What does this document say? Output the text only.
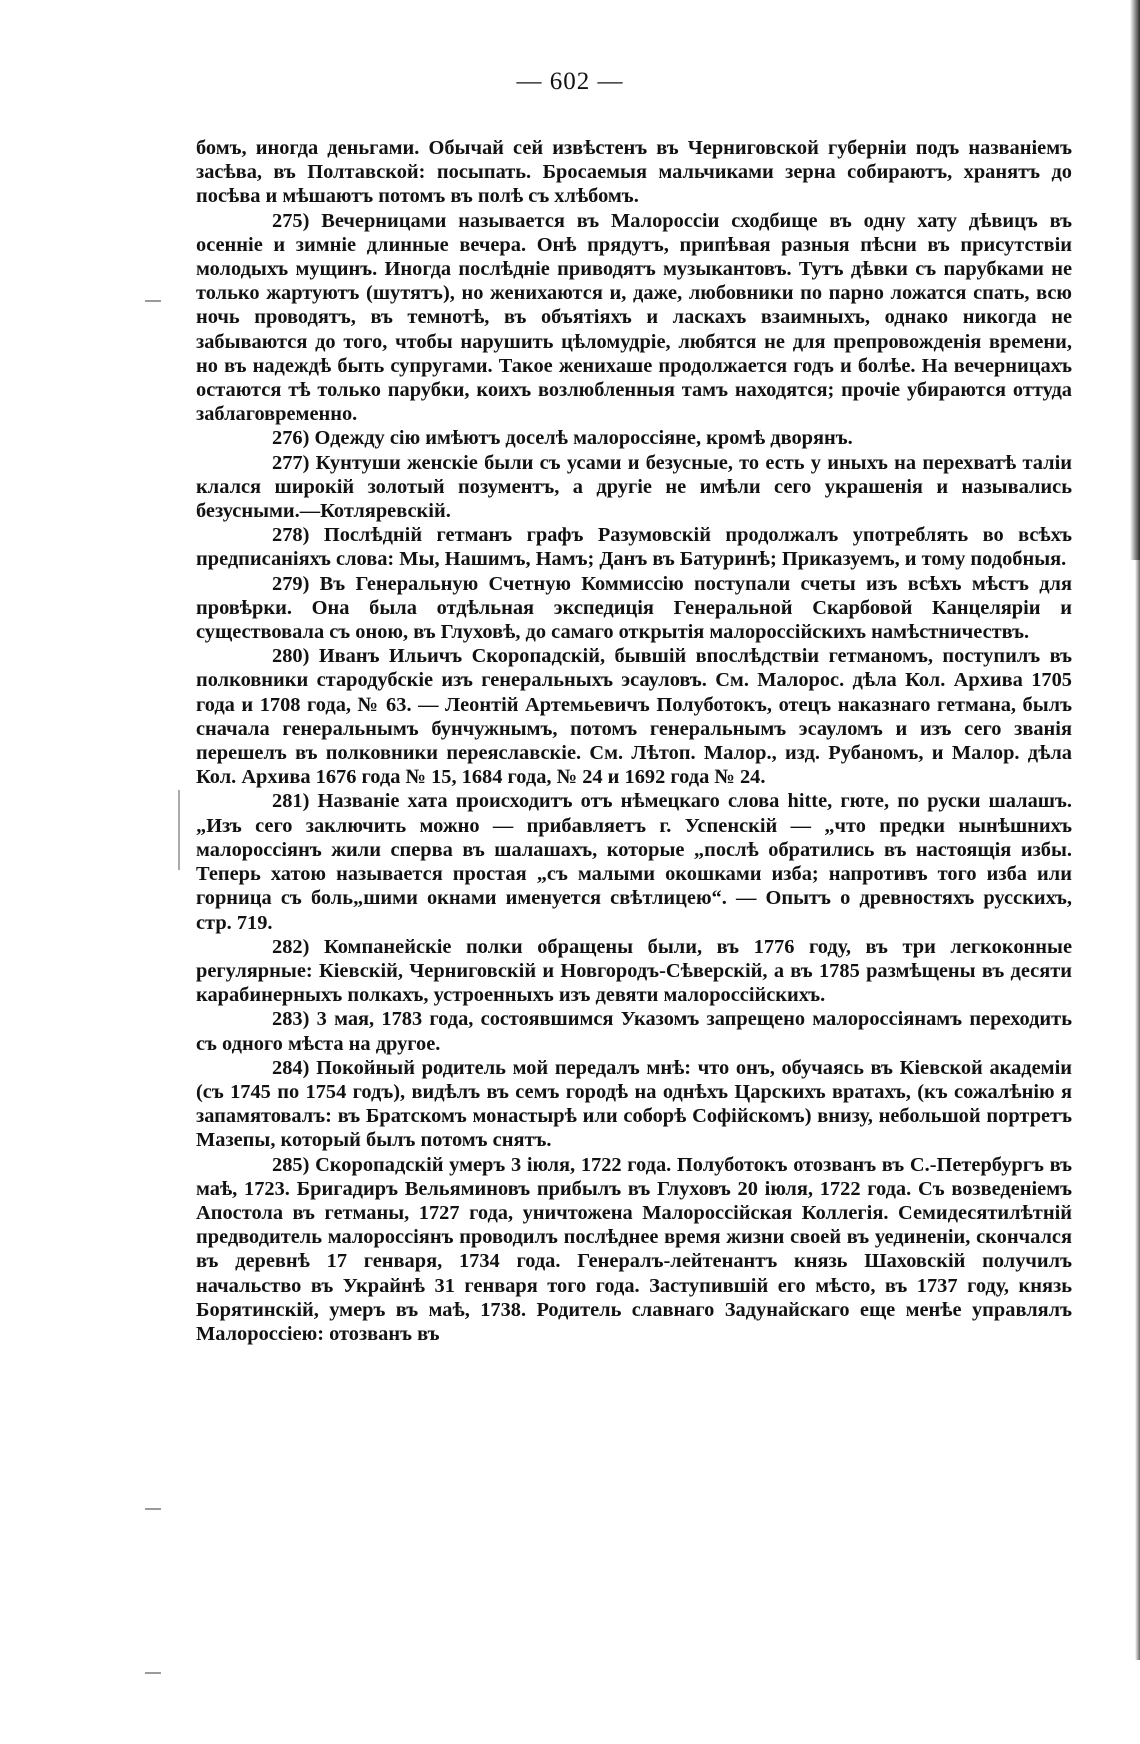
— 602 —

бомъ, иногда деньгами. Обычай сей извѣстенъ въ Черниговской губерніи подъ названіемъ засѣва, въ Полтавской: посыпать. Бросаемыя мальчиками зерна собираютъ, хранятъ до посѣва и мѣшаютъ потомъ въ полѣ съ хлѣбомъ.

275) Вечерницами называется въ Малороссіи сходбище въ одну хату дѣвицъ въ осенніе и зимніе длинные вечера. Онѣ прядутъ, припѣвая разныя пѣсни въ присутствіи молодыхъ мущинъ. Иногда послѣдніе приводятъ музыкантовъ. Тутъ дѣвки съ парубками не только жартуютъ (шутятъ), но женихаются и, даже, любовники по парно ложатся спать, всю ночь проводятъ, въ темнотѣ, въ объятіяхъ и ласкахъ взаимныхъ, однако никогда не забываются до того, чтобы нарушить цѣломудріе, любятся не для препровожденія времени, но въ надеждѣ быть супругами. Такое женихаше продолжается годъ и болѣе. На вечерницахъ остаются тѣ только парубки, коихъ возлюбленныя тамъ находятся; прочіе убираются оттуда заблаговременно.

276) Одежду сію имѣютъ доселѣ малороссіяне, кромѣ дворянъ.

277) Кунтуши женскіе были съ усами и безусные, то есть у иныхъ на перехватѣ таліи клался широкій золотый позументъ, а другіе не имѣли сего украшенія и назывались безусными.—Котляревскій.

278) Послѣдній гетманъ графъ Разумовскій продолжалъ употреблять во всѣхъ предписаніяхъ слова: Мы, Нашимъ, Намъ; Данъ въ Батуринѣ; Приказуемъ, и тому подобныя.

279) Въ Генеральную Счетную Коммиссію поступали счеты изъ всѣхъ мѣстъ для провѣрки. Она была отдѣльная экспедиція Генеральной Скарбовой Канцеляріи и существовала съ оною, въ Глуховѣ, до самаго открытія малороссійскихъ намѣстничествъ.

280) Иванъ Ильичъ Скоропадскій, бывшій впослѣдствіи гетманомъ, поступилъ въ полковники стародубскіе изъ генеральныхъ эсауловъ. См. Малорос. дѣла Кол. Архива 1705 года и 1708 года, № 63. — Леонтій Артемьевичъ Полуботокъ, отецъ наказнаго гетмана, былъ сначала генеральнымъ бунчужнымъ, потомъ генеральнымъ эсауломъ и изъ сего званія перешелъ въ полковники переяславскіе. См. Лѣтоп. Малор., изд. Рубаномъ, и Малор. дѣла Кол. Архива 1676 года № 15, 1684 года, № 24 и 1692 года № 24.

281) Названіе хата происходитъ отъ нѣмецкаго слова hitte, гюте, по руски шалашъ. „Изъ сего заключить можно — прибавляетъ г. Успенскій — „что предки нынѣшнихъ малороссіянъ жили сперва въ шалашахъ, которые „послѣ обратились въ настоящія избы. Теперь хатою называется простая „съ малыми окошками изба; напротивъ того изба или горница съ боль„шими окнами именуется свѣтлицею“. — Опытъ о древностяхъ русскихъ, стр. 719.

282) Компанейскіе полки обращены были, въ 1776 году, въ три легкоконные регулярные: Кіевскій, Черниговскій и Новгородъ-Сѣверскій, а въ 1785 размѣщены въ десяти карабинерныхъ полкахъ, устроенныхъ изъ девяти малороссійскихъ.

283) 3 мая, 1783 года, состоявшимся Указомъ запрещено малороссіянамъ переходить съ одного мѣста на другое.

284) Покойный родитель мой передалъ мнѣ: что онъ, обучаясь въ Кіевской академіи (съ 1745 по 1754 годъ), видѣлъ въ семъ городѣ на однѣхъ Царскихъ вратахъ, (къ сожалѣнію я запамятовалъ: въ Братскомъ монастырѣ или соборѣ Софійскомъ) внизу, небольшой портретъ Мазепы, который былъ потомъ снятъ.

285) Скоропадскій умеръ 3 іюля, 1722 года. Полуботокъ отозванъ въ С.-Петербургъ въ маѣ, 1723. Бригадиръ Вельяминовъ прибылъ въ Глуховъ 20 іюля, 1722 года. Съ возведеніемъ Апостола въ гетманы, 1727 года, уничтожена Малороссійская Коллегія. Семидесятилѣтній предводитель малороссіянъ проводилъ послѣднее время жизни своей въ уединеніи, скончался въ деревнѣ 17 генваря, 1734 года. Генералъ-лейтенантъ князь Шаховскій получилъ начальство въ Украйнѣ 31 генваря того года. Заступившій его мѣсто, въ 1737 году, князь Борятинскій, умеръ въ маѣ, 1738. Родитель славнаго Задунайскаго еще менѣе управлялъ Малороссіею: отозванъ въ
